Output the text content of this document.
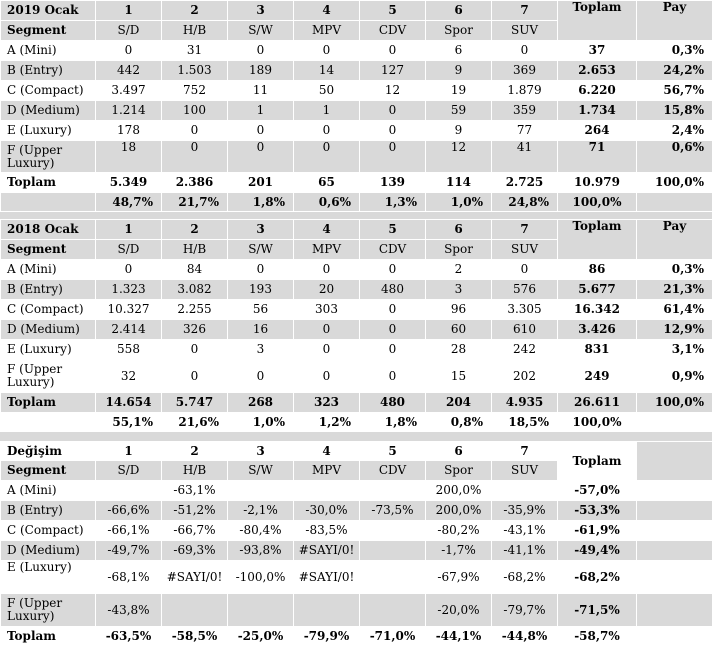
2019 Ocak	1	2	3	4	5	6	7	Toplam	Pay
Segment	S/D	H/B	S/W	MPV	CDV	Spor	SUV		
A (Mini)	0	31	0	0	0	6	0	37	0,3%
B (Entry)	442	1.503	189	14	127	9	369	2.653	24,2%
C (Compact)	3.497	752	11	50	12	19	1.879	6.220	56,7%
D (Medium)	1.214	100	1	1	0	59	359	1.734	15,8%
E (Luxury)	178	0	0	0	0	9	77	264	2,4%
F (Upper Luxury)	18	0	0	0	0	12	41	71	0,6%
Toplam	5.349	2.386	201	65	139	114	2.725	10.979	100,0%
	48,7%	21,7%	1,8%	0,6%	1,3%	1,0%	24,8%	100,0%	
2018 Ocak	1	2	3	4	5	6	7	Toplam	Pay
Segment	S/D	H/B	S/W	MPV	CDV	Spor	SUV		
A (Mini)	0	84	0	0	0	2	0	86	0,3%
B (Entry)	1.323	3.082	193	20	480	3	576	5.677	21,3%
C (Compact)	10.327	2.255	56	303	0	96	3.305	16.342	61,4%
D (Medium)	2.414	326	16	0	0	60	610	3.426	12,9%
E (Luxury)	558	0	3	0	0	28	242	831	3,1%
F (Upper Luxury)	32	0	0	0	0	15	202	249	0,9%
Toplam	14.654	5.747	268	323	480	204	4.935	26.611	100,0%
	55,1%	21,6%	1,0%	1,2%	1,8%	0,8%	18,5%	100,0%	
Değişim	1	2	3	4	5	6	7	Toplam	
Segment	S/D	H/B	S/W	MPV	CDV	Spor	SUV		
A (Mini)		-63,1%				200,0%		-57,0%	
B (Entry)	-66,6%	-51,2%	-2,1%	-30,0%	-73,5%	200,0%	-35,9%	-53,3%	
C (Compact)	-66,1%	-66,7%	-80,4%	-83,5%		-80,2%	-43,1%	-61,9%	
D (Medium)	-49,7%	-69,3%	-93,8%	#SAYI/0!		-1,7%	-41,1%	-49,4%	
E (Luxury)	-68,1%	#SAYI/0!	-100,0%	#SAYI/0!		-67,9%	-68,2%	-68,2%	
F (Upper Luxury)	-43,8%					-20,0%	-79,7%	-71,5%	
Toplam	-63,5%	-58,5%	-25,0%	-79,9%	-71,0%	-44,1%	-44,8%	-58,7%	
